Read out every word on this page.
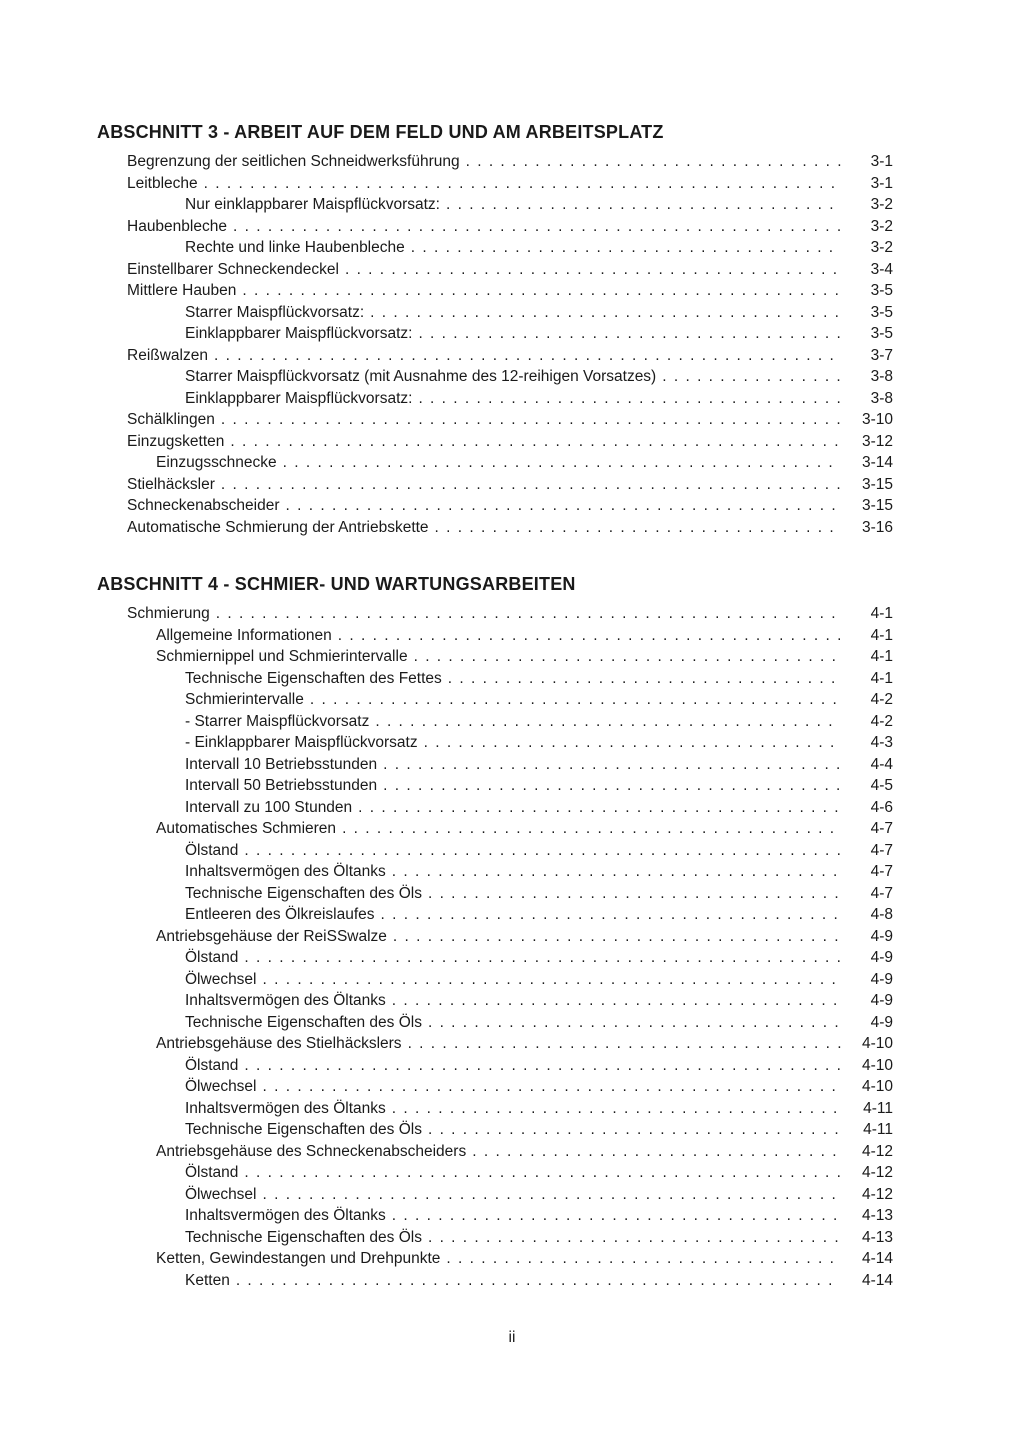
ABSCHNITT 3 - ARBEIT AUF DEM FELD UND AM ARBEITSPLATZ
Begrenzung der seitlichen Schneidwerksführung . . .	3-1
Leitbleche . . .	3-1
Nur einklappbarer Maispflückvorsatz: . . .	3-2
Haubenbleche . . .	3-2
Rechte und linke Haubenbleche . . .	3-2
Einstellbarer Schneckendeckel . . .	3-4
Mittlere Hauben . . .	3-5
Starrer Maispflückvorsatz: . . .	3-5
Einklappbarer Maispflückvorsatz: . . .	3-5
Reißwalzen . . .	3-7
Starrer Maispflückvorsatz (mit Ausnahme des 12-reihigen Vorsatzes) . . .	3-8
Einklappbarer Maispflückvorsatz: . . .	3-8
Schälklingen . . .	3-10
Einzugsketten . . .	3-12
Einzugsschnecke . . .	3-14
Stielhäcksler . . .	3-15
Schneckenabscheider . . .	3-15
Automatische Schmierung der Antriebskette . . .	3-16
ABSCHNITT 4 - SCHMIER- UND WARTUNGSARBEITEN
Schmierung . . .	4-1
Allgemeine Informationen . . .	4-1
Schmiernippel und Schmierintervalle . . .	4-1
Technische Eigenschaften des Fettes . . .	4-1
Schmierintervalle . . .	4-2
- Starrer Maispflückvorsatz . . .	4-2
- Einklappbarer Maispflückvorsatz . . .	4-3
Intervall 10 Betriebsstunden . . .	4-4
Intervall 50 Betriebsstunden . . .	4-5
Intervall zu 100 Stunden . . .	4-6
Automatisches Schmieren . . .	4-7
Ölstand . . .	4-7
Inhaltsvermögen des Öltanks . . .	4-7
Technische Eigenschaften des Öls . . .	4-7
Entleeren des Ölkreislaufes . . .	4-8
Antriebsgehäuse der ReiSSwalze . . .	4-9
Ölstand . . .	4-9
Ölwechsel . . .	4-9
Inhaltsvermögen des Öltanks . . .	4-9
Technische Eigenschaften des Öls . . .	4-9
Antriebsgehäuse des Stielhäckslers . . .	4-10
Ölstand . . .	4-10
Ölwechsel . . .	4-10
Inhaltsvermögen des Öltanks . . .	4-11
Technische Eigenschaften des Öls . . .	4-11
Antriebsgehäuse des Schneckenabscheiders . . .	4-12
Ölstand . . .	4-12
Ölwechsel . . .	4-12
Inhaltsvermögen des Öltanks . . .	4-13
Technische Eigenschaften des Öls . . .	4-13
Ketten, Gewindestangen und Drehpunkte . . .	4-14
Ketten . . .	4-14
ii
